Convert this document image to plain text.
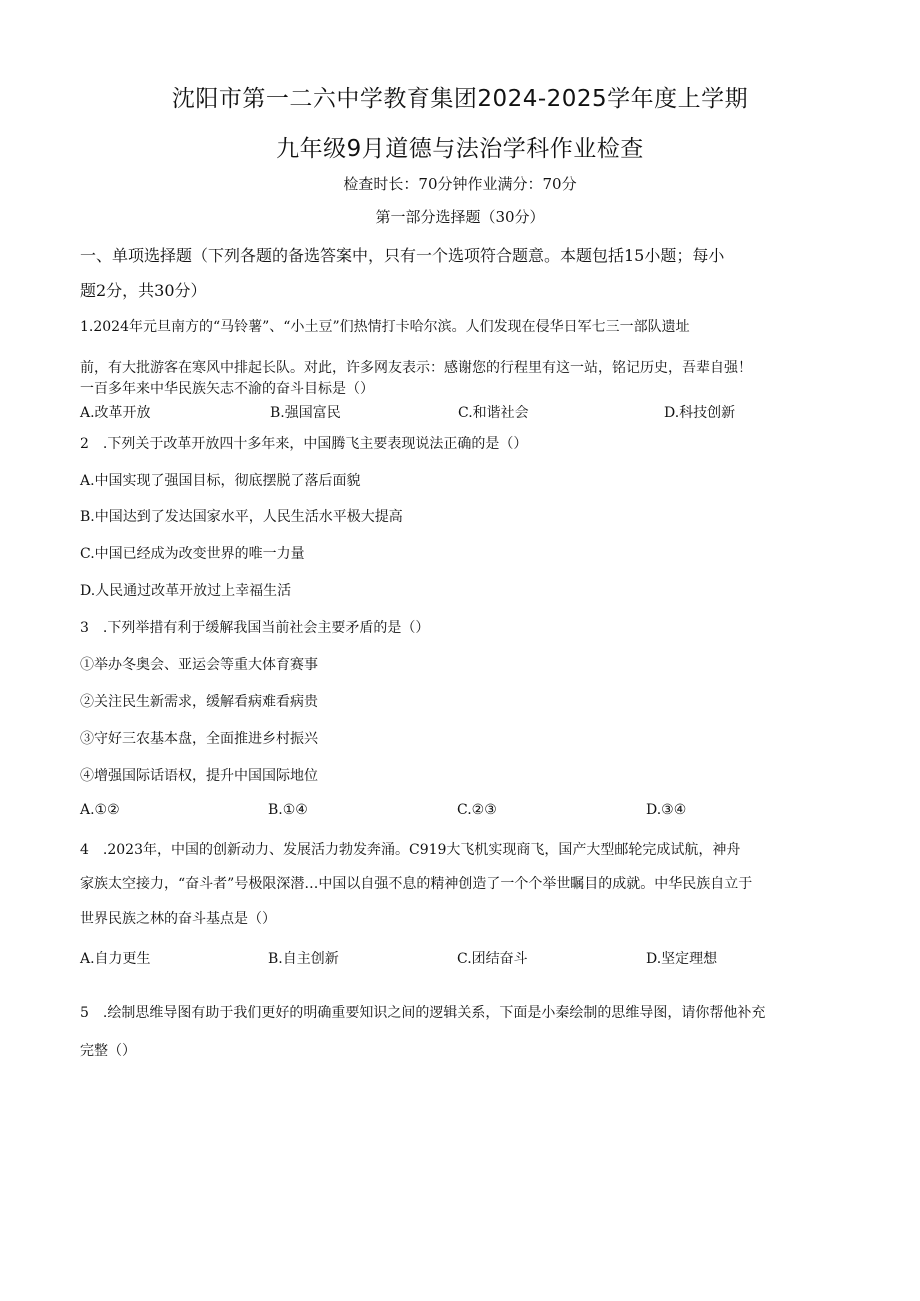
沈阳市第一二六中学教育集团2024-2025学年度上学期
九年级9月道德与法治学科作业检查
检查时长：70分钟作业满分：70分
第一部分选择题（30分）
一、单项选择题（下列各题的备选答案中，只有一个选项符合题意。本题包括15小题；每小
题2分，共30分）
1.2024年元旦南方的“马铃薯”、“小土豆”们热情打卡哈尔滨。人们发现在侵华日军七三一部队遗址
前，有大批游客在寒风中排起长队。对此，许多网友表示：感谢您的行程里有这一站，铭记历史，吾辈自强！
一百多年来中华民族矢志不渝的奋斗目标是（）
A.改革开放	B.强国富民	C.和谐社会	D.科技创新
2　.下列关于改革开放四十多年来，中国腾飞主要表现说法正确的是（）
A.中国实现了强国目标，彻底摆脱了落后面貌
B.中国达到了发达国家水平，人民生活水平极大提高
C.中国已经成为改变世界的唯一力量
D.人民通过改革开放过上幸福生活
3　.下列举措有利于缓解我国当前社会主要矛盾的是（）
①举办冬奥会、亚运会等重大体育赛事
②关注民生新需求，缓解看病难看病贵
③守好三农基本盘，全面推进乡村振兴
④增强国际话语权，提升中国国际地位
A.①②	B.①④	C.②③	D.③④
4　.2023年，中国的创新动力、发展活力勃发奔涌。C919大飞机实现商飞，国产大型邮轮完成试航，神舟
家族太空接力，“奋斗者”号极限深潜…中国以自强不息的精神创造了一个个举世瞩目的成就。中华民族自立于
世界民族之林的奋斗基点是（）
A.自力更生	B.自主创新	C.团结奋斗	D.坚定理想
5　.绘制思维导图有助于我们更好的明确重要知识之间的逻辑关系，下面是小秦绘制的思维导图，请你帮他补充
完整（）
